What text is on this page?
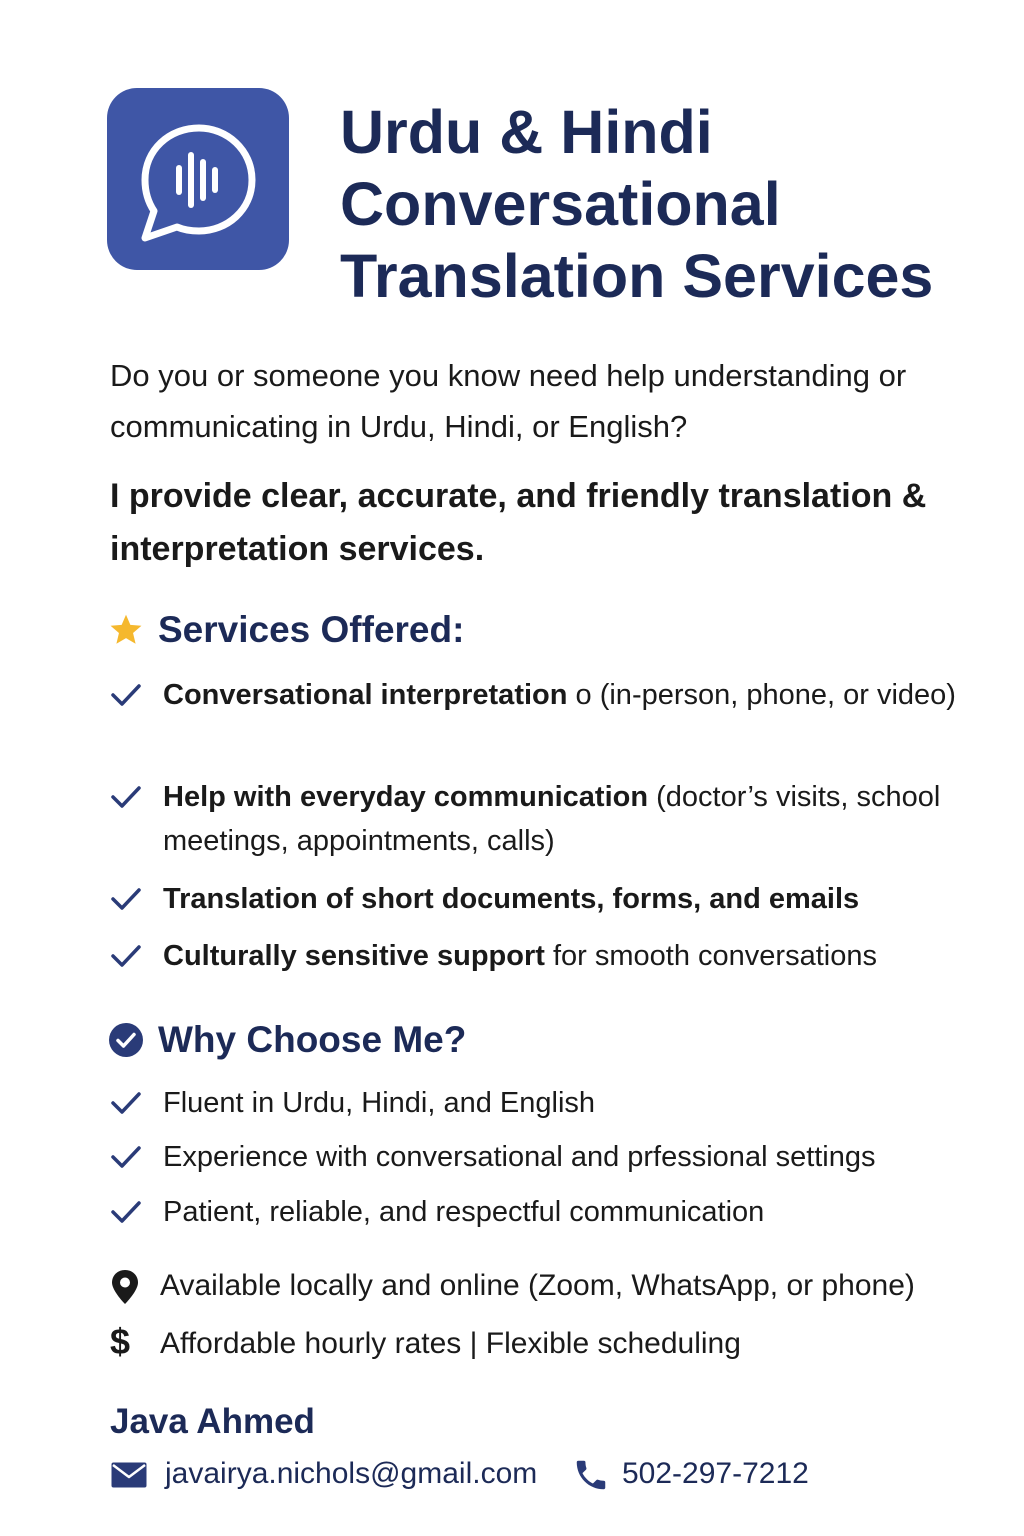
Urdu & Hindi
Conversational
Translation Services

Do you or someone you know need help understanding or communicating in Urdu, Hindi, or English?

I provide clear, accurate, and friendly translation & interpretation services.

Services Offered:

Conversational interpretation o (in-person, phone, or video)

Help with everyday communication (doctor’s visits, school meetings, appointments, calls)

Translation of short documents, forms, and emails

Culturally sensitive support for smooth conversations

Why Choose Me?

Fluent in Urdu, Hindi, and English

Experience with conversational and prfessional settings

Patient, reliable, and respectful communication

Available locally and online (Zoom, WhatsApp, or phone)

$ Affordable hourly rates | Flexible scheduling

Java Ahmed
javairya.nichols@gmail.com	502-297-7212
